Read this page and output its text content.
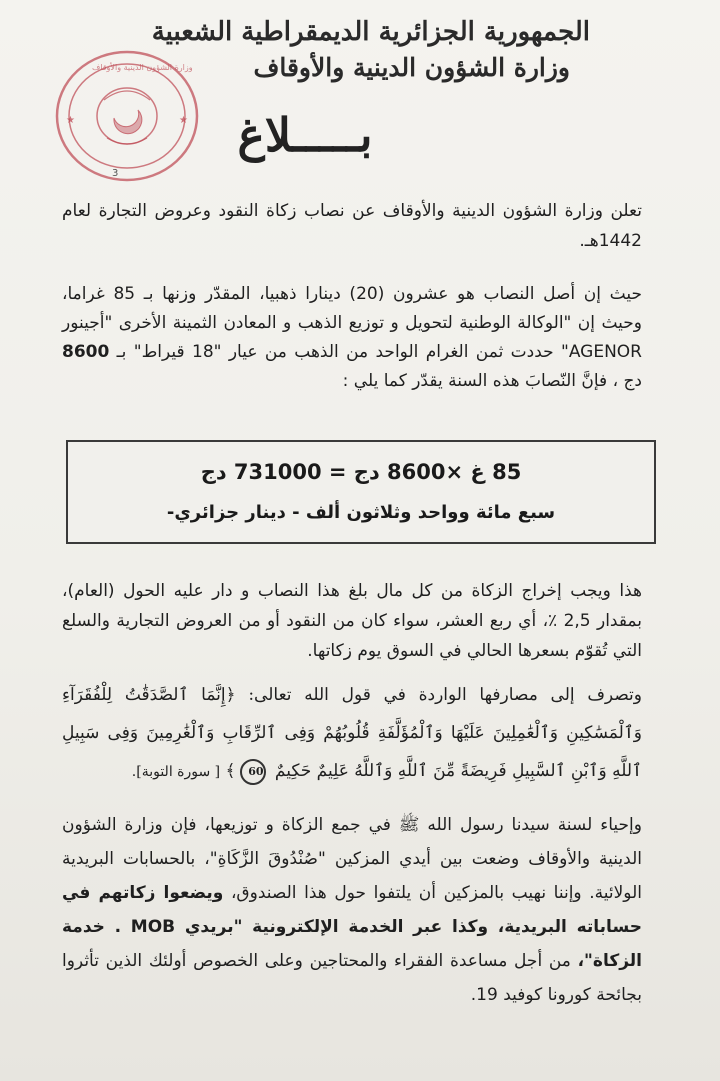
الجمهورية الجزائرية الديمقراطية الشعبية
وزارة الشؤون الدينية والأوقاف
★	★
وزارة الشؤون الدينية والأوقاف
3
بـــــلاغ
تعلن وزارة الشؤون الدينية والأوقاف عن نصاب زكاة النقود وعروض التجارة لعام 1442هـ.
حيث إن أصل النصاب هو عشرون (20) دينارا ذهبيا، المقدّر وزنها بـ 85 غراما، وحيث إن "الوكالة الوطنية لتحويل و توزيع الذهب و المعادن الثمينة الأخرى "أجينور AGENOR" حددت ثمن الغرام الواحد من الذهب من عيار "18 قيراط" بـ 8600 دج ، فإنَّ النّصابَ هذه السنة يقدّر كما يلي :
85 غ ×8600 دج = 731000 دج
سبع مائة وواحد وثلاثون ألف - دينار جزائري-
هذا ويجب إخراج الزكاة من كل مال بلغ هذا النصاب و دار عليه الحول (العام)، بمقدار 2,5 ٪، أي ربع العشر، سواء كان من النقود أو من العروض التجارية والسلع التي تُقوّم بسعرها الحالي في السوق يوم زكاتها.
وتصرف إلى مصارفها الواردة في قول الله تعالى: ﴿إِنَّمَا ٱلصَّدَقَٰتُ لِلْفُقَرَآءِ وَٱلْمَسَٰكِينِ وَٱلْعَٰمِلِينَ عَلَيْهَا وَٱلْمُؤَلَّفَةِ قُلُوبُهُمْ وَفِى ٱلرِّقَابِ وَٱلْغَٰرِمِينَ وَفِى سَبِيلِ ٱللَّهِ وَٱبْنِ ٱلسَّبِيلِ فَرِيضَةً مِّنَ ٱللَّهِ وَٱللَّهُ عَلِيمٌ حَكِيمٌ 60﴾ [ سورة التوبة].
وإحياء لسنة سيدنا رسول الله ﷺ في جمع الزكاة و توزيعها، فإن وزارة الشؤون الدينية والأوقاف وضعت بين أيدي المزكين "صُنْدُوقَ الزَّكَاةِ"، بالحسابات البريدية الولائية. وإننا نهيب بالمزكين أن يلتفوا حول هذا الصندوق، ويضعوا زكاتهم في حساباته البريدية، وكذا عبر الخدمة الإلكترونية "بريدي MOB . خدمة الزكاة"، من أجل مساعدة الفقراء والمحتاجين وعلى الخصوص أولئك الذين تأثروا بجائحة كورونا كوفيد 19.
